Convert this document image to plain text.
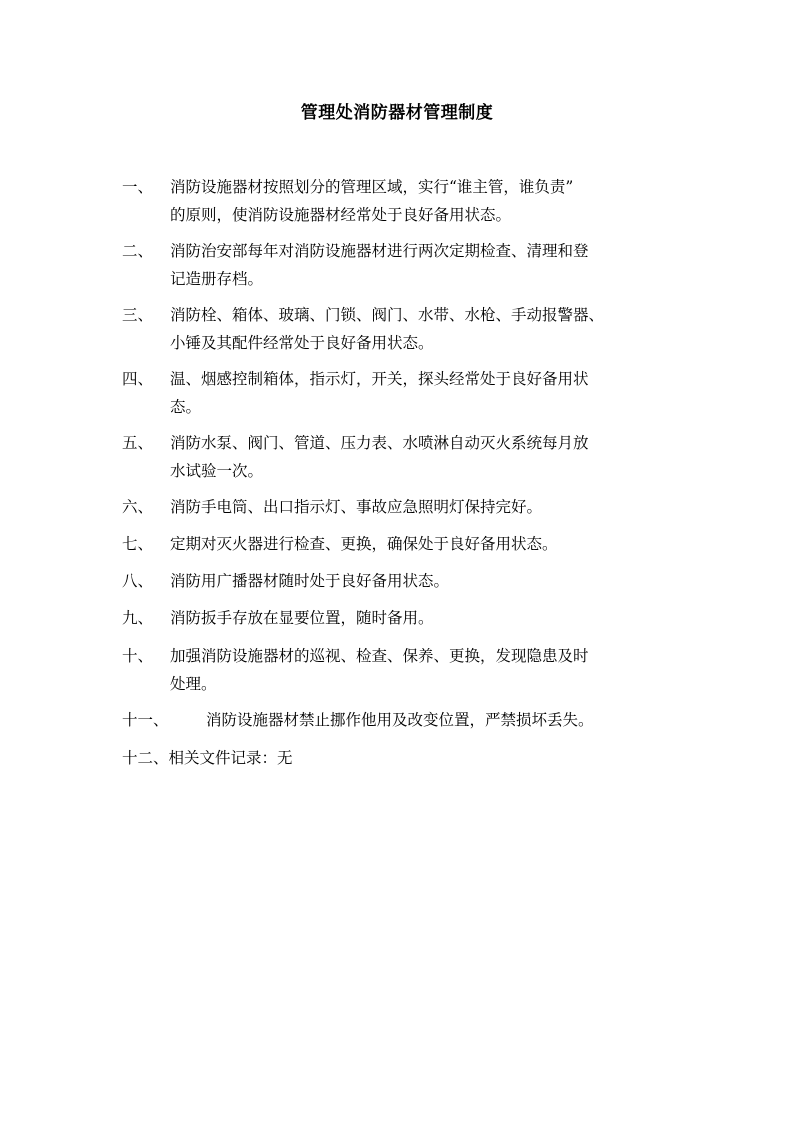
管理处消防器材管理制度
一、 消防设施器材按照划分的管理区域，实行“谁主管，谁负责”
的原则，使消防设施器材经常处于良好备用状态。
二、 消防治安部每年对消防设施器材进行两次定期检查、清理和登
记造册存档。
三、 消防栓、箱体、玻璃、门锁、阀门、水带、水枪、手动报警器、
小锤及其配件经常处于良好备用状态。
四、 温、烟感控制箱体，指示灯，开关，探头经常处于良好备用状
态。
五、 消防水泵、阀门、管道、压力表、水喷淋自动灭火系统每月放
水试验一次。
六、 消防手电筒、出口指示灯、事故应急照明灯保持完好。
七、 定期对灭火器进行检查、更换，确保处于良好备用状态。
八、 消防用广播器材随时处于良好备用状态。
九、 消防扳手存放在显要位置，随时备用。
十、 加强消防设施器材的巡视、检查、保养、更换，发现隐患及时
处理。
十一、 消防设施器材禁止挪作他用及改变位置，严禁损坏丢失。
十二、相关文件记录：无
